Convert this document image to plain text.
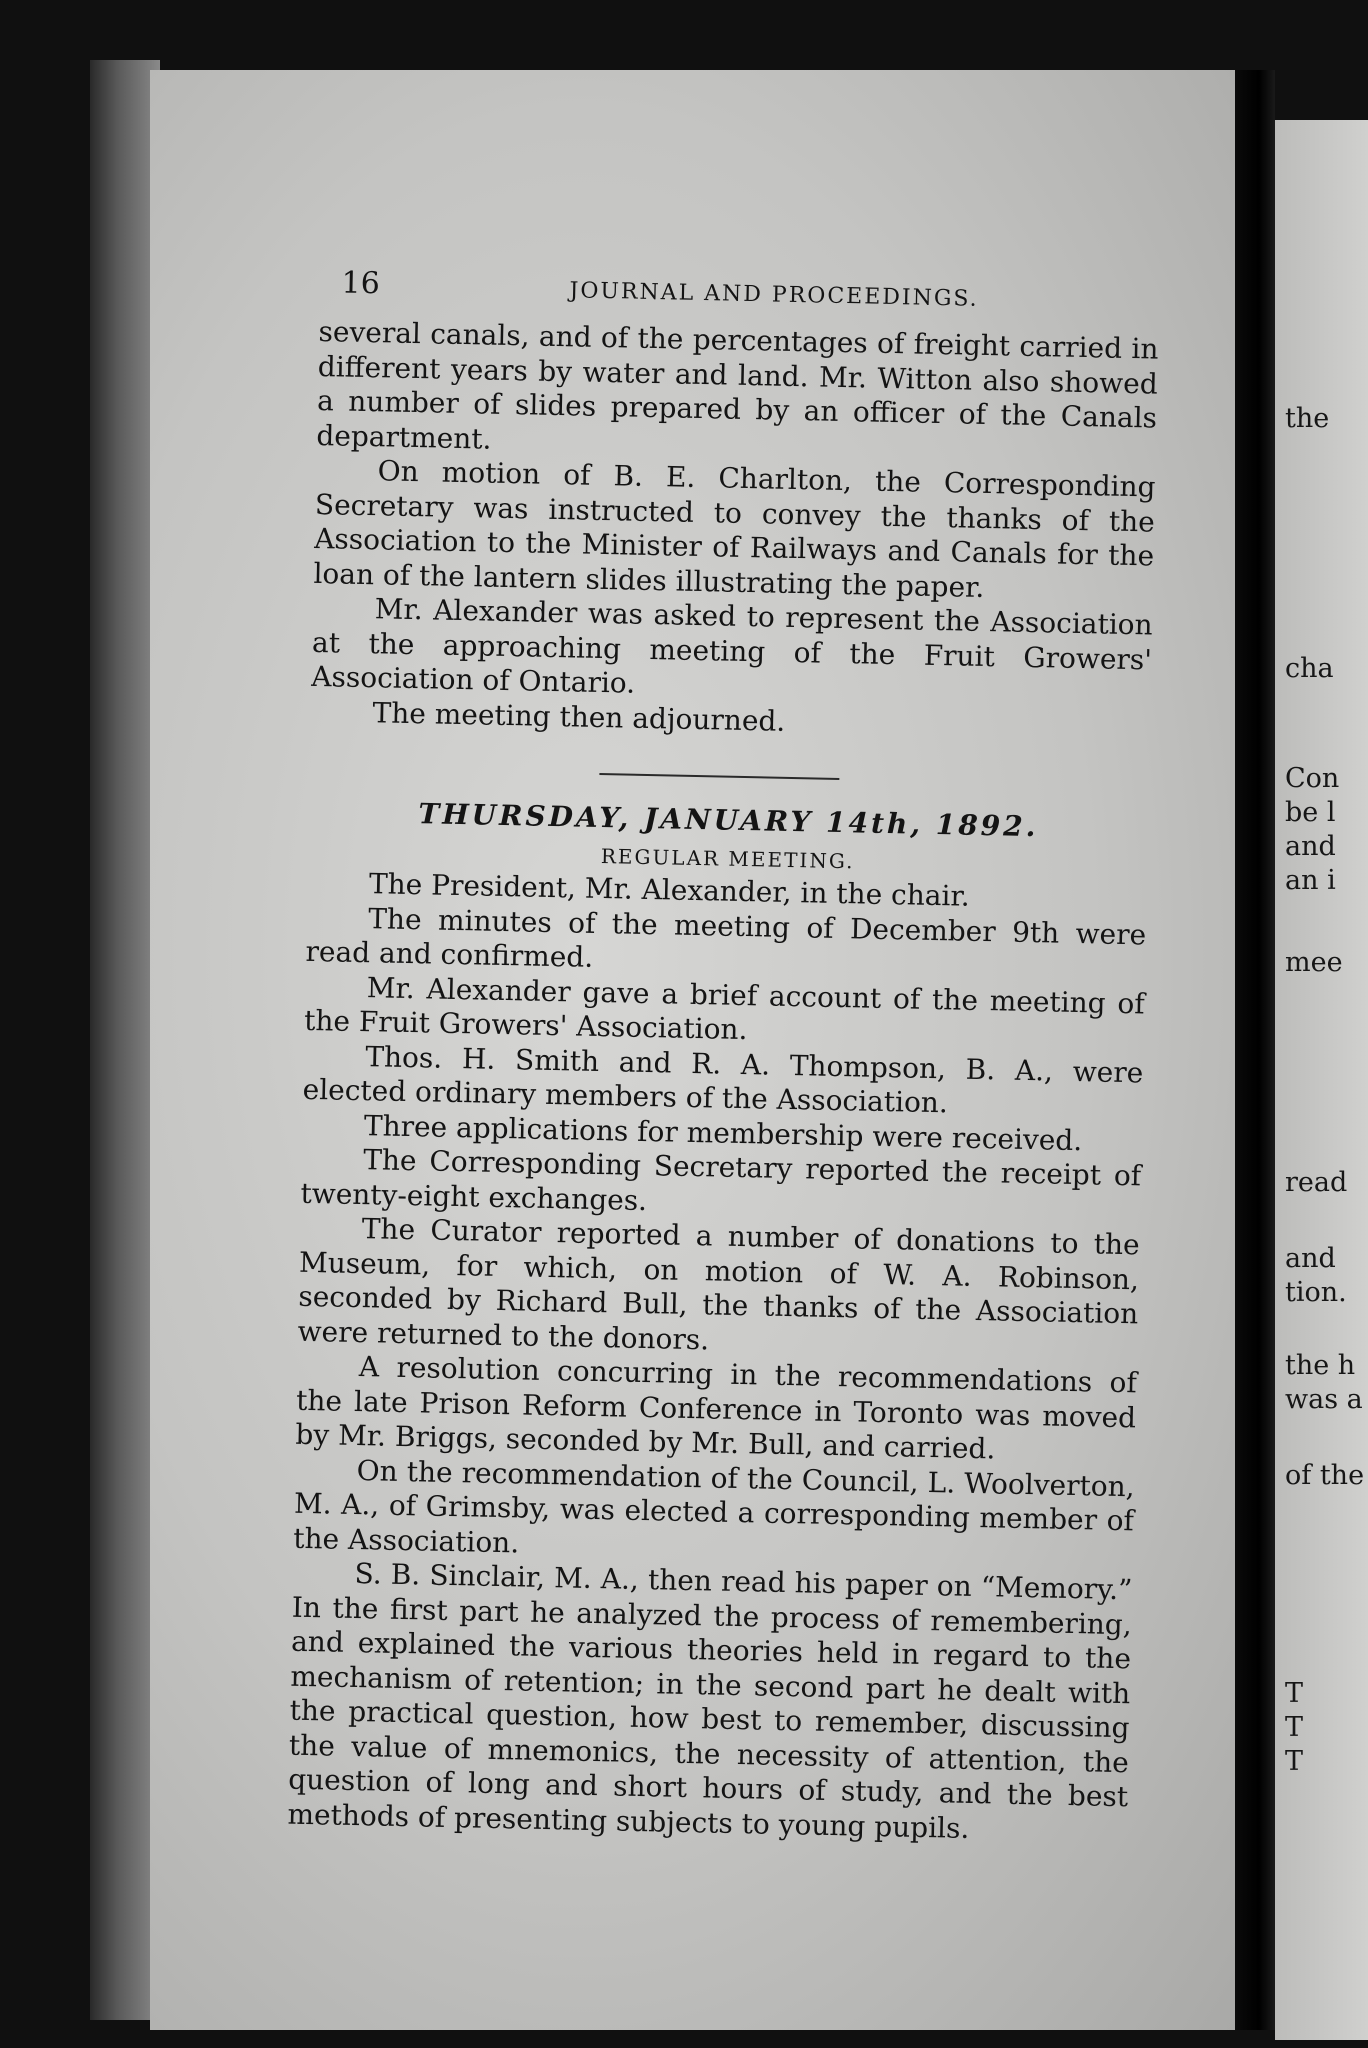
the
cha
Con
be l
and
an i
mee
read
and
tion.
the h
was a
of the
T
T
T
16	JOURNAL AND PROCEEDINGS.

several canals, and of the percentages of freight carried in different years by water and land. Mr. Witton also showed a number of slides prepared by an officer of the Canals department.

On motion of B. E. Charlton, the Corresponding Secretary was instructed to convey the thanks of the Association to the Minister of Railways and Canals for the loan of the lantern slides illustrating the paper.

Mr. Alexander was asked to represent the Association at the approaching meeting of the Fruit Growers' Association of Ontario.

The meeting then adjourned.

THURSDAY, JANUARY 14th, 1892.
REGULAR MEETING.

The President, Mr. Alexander, in the chair.

The minutes of the meeting of December 9th were read and confirmed.

Mr. Alexander gave a brief account of the meeting of the Fruit Growers' Association.

Thos. H. Smith and R. A. Thompson, B. A., were elected ordinary members of the Association.

Three applications for membership were received.

The Corresponding Secretary reported the receipt of twenty-eight exchanges.

The Curator reported a number of donations to the Museum, for which, on motion of W. A. Robinson, seconded by Richard Bull, the thanks of the Association were returned to the donors.

A resolution concurring in the recommendations of the late Prison Reform Conference in Toronto was moved by Mr. Briggs, seconded by Mr. Bull, and carried.

On the recommendation of the Council, L. Woolverton, M. A., of Grimsby, was elected a corresponding member of the Association.

S. B. Sinclair, M. A., then read his paper on “Memory.” In the first part he analyzed the process of remembering, and explained the various theories held in regard to the mechanism of retention; in the second part he dealt with the practical question, how best to remember, discussing the value of mnemonics, the necessity of attention, the question of long and short hours of study, and the best methods of presenting subjects to young pupils.
